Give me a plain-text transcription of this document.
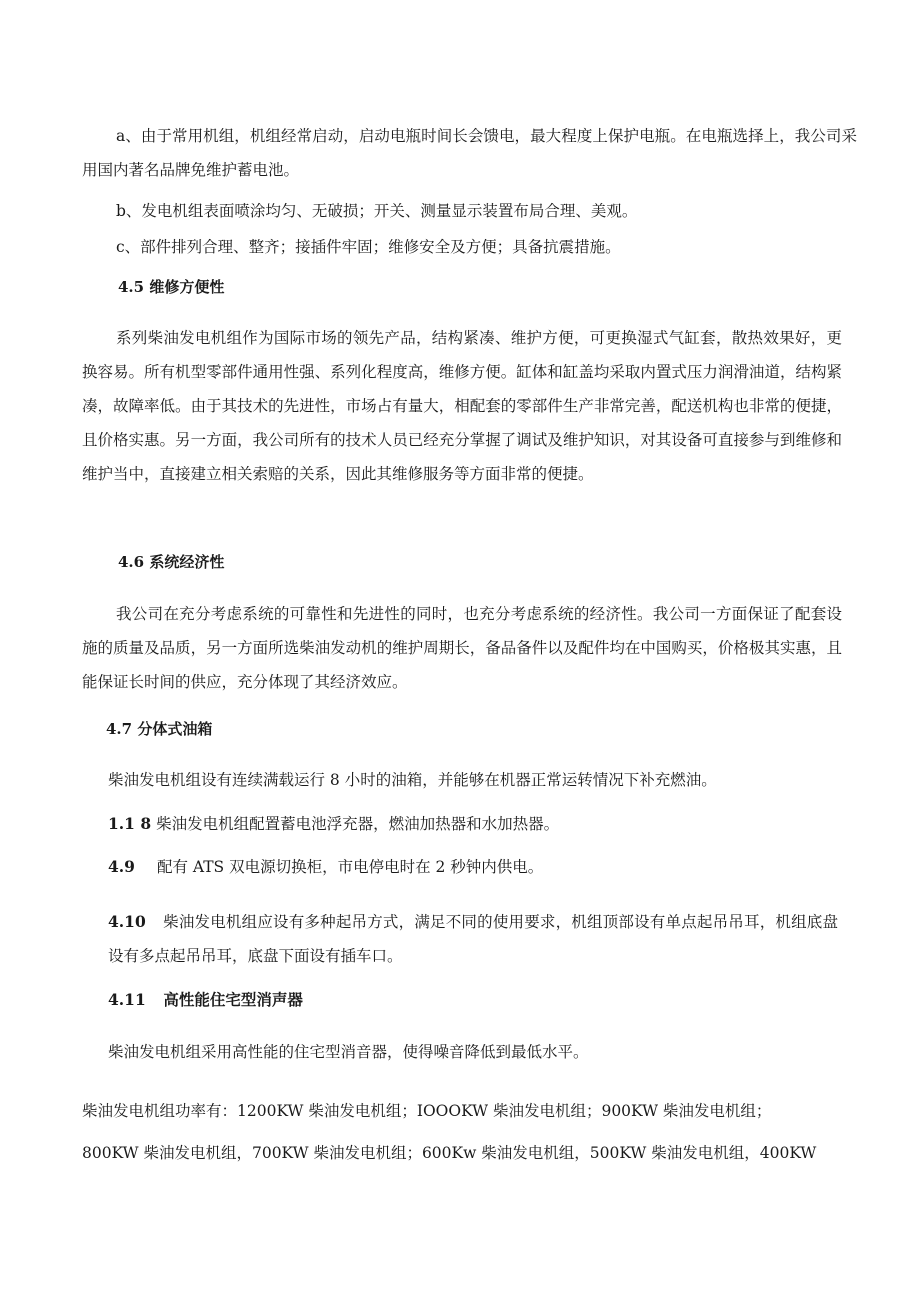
a、由于常用机组，机组经常启动，启动电瓶时间长会馈电，最大程度上保护电瓶。在电瓶选择上，我公司采用国内著名品牌免维护蓄电池。

b、发电机组表面喷涂均匀、无破损；开关、测量显示装置布局合理、美观。

c、部件排列合理、整齐；接插件牢固；维修安全及方便；具备抗震措施。

4.5 维修方便性

系列柴油发电机组作为国际市场的领先产品，结构紧凑、维护方便，可更换湿式气缸套，散热效果好，更换容易。所有机型零部件通用性强、系列化程度高，维修方便。缸体和缸盖均采取内置式压力润滑油道，结构紧凑，故障率低。由于其技术的先进性，市场占有量大，相配套的零部件生产非常完善，配送机构也非常的便捷，且价格实惠。另一方面，我公司所有的技术人员已经充分掌握了调试及维护知识，对其设备可直接参与到维修和维护当中，直接建立相关索赔的关系，因此其维修服务等方面非常的便捷。

4.6 系统经济性

我公司在充分考虑系统的可靠性和先进性的同时，也充分考虑系统的经济性。我公司一方面保证了配套设施的质量及品质，另一方面所选柴油发动机的维护周期长，备品备件以及配件均在中国购买，价格极其实惠，且能保证长时间的供应，充分体现了其经济效应。

4.7 分体式油箱

柴油发电机组设有连续满载运行 8 小时的油箱，并能够在机器正常运转情况下补充燃油。

1.1 8 柴油发电机组配置蓄电池浮充器，燃油加热器和水加热器。

4.9 配有 ATS 双电源切换柜，市电停电时在 2 秒钟内供电。

4.10 柴油发电机组应设有多种起吊方式，满足不同的使用要求，机组顶部设有单点起吊吊耳，机组底盘设有多点起吊吊耳，底盘下面设有插车口。

4.11 高性能住宅型消声器

柴油发电机组采用高性能的住宅型消音器，使得噪音降低到最低水平。

柴油发电机组功率有：1200KW 柴油发电机组；IOOOKW 柴油发电机组；900KW 柴油发电机组；

800KW 柴油发电机组，700KW 柴油发电机组；600Kw 柴油发电机组，500KW 柴油发电机组，400KW
